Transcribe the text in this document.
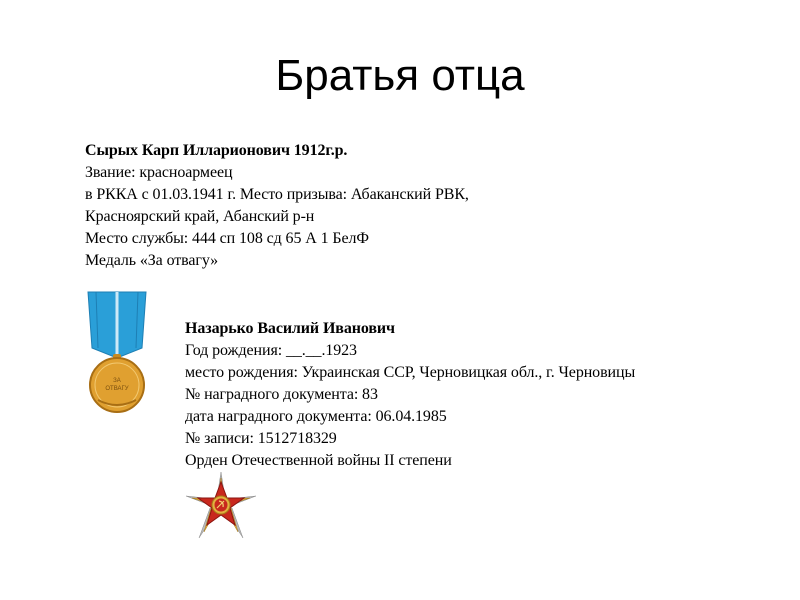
Братья отца
Сырых Карп Илларионович 1912г.р.
Звание: красноармеец
в РККА с 01.03.1941 г. Место призыва: Абаканский РВК,
Красноярский край, Абанский р-н
Место службы: 444 сп 108 сд 65 А 1 БелФ
Медаль «За отвагу»
ЗА
ОТВАГУ
Назарько Василий Иванович
Год рождения: __.__.1923
место рождения: Украинская ССР, Черновицкая обл., г. Черновицы
№ наградного документа: 83
дата наградного документа: 06.04.1985
№ записи: 1512718329
Орден Отечественной войны II степени
